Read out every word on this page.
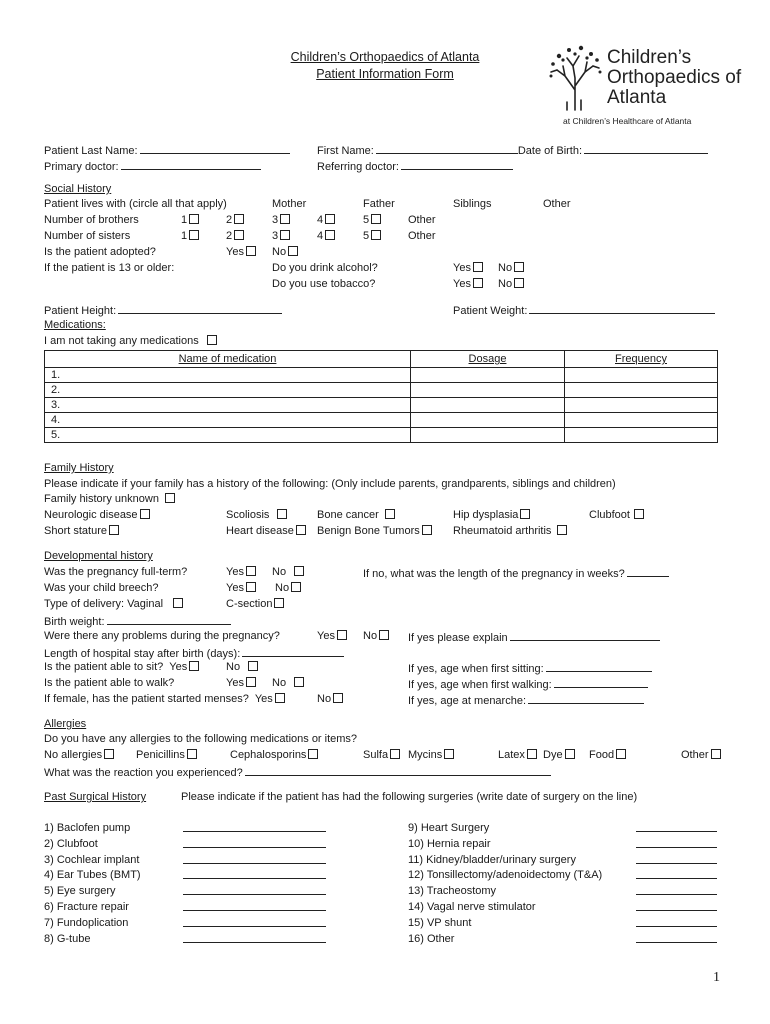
Children’s Orthopaedics of Atlanta
Patient Information Form
Children’s
Orthopaedics of
Atlanta
at Children’s Healthcare of Atlanta
Patient Last Name:	First Name:	Date of Birth:
Primary doctor:	Referring doctor:
Social History
Patient lives with (circle all that apply)	Mother	Father	Siblings	Other
Number of brothers	1	2	3	4	5	Other
Number of sisters	1	2	3	4	5	Other
Is the patient adopted?	Yes	No
If the patient is 13 or older:	Do you drink alcohol?	Yes	No
Do you use tobacco?	Yes	No
Patient Height:	Patient Weight:
Medications:
I am not taking any medications
Name of medication	Dosage	Frequency
1.		
2.		
3.		
4.		
5.		
Family History
Please indicate if your family has a history of the following: (Only include parents, grandparents, siblings and children)
Family history unknown
Neurologic disease	Scoliosis	Bone cancer	Hip dysplasia	Clubfoot
Short stature	Heart disease	Benign Bone Tumors	Rheumatoid arthritis
Developmental history
Was the pregnancy full-term?	Yes	No	If no, what was the length of the pregnancy in weeks?
Was your child breech?	Yes	No
Type of delivery: Vaginal	C-section
Birth weight:
Were there any problems during the pregnancy?	Yes	No	If yes please explain
Length of hospital stay after birth (days):
Is the patient able to sit? Yes	No	If yes, age when first sitting:
Is the patient able to walk?	Yes	No	If yes, age when first walking:
If female, has the patient started menses? Yes	No	If yes, age at menarche:
Allergies
Do you have any allergies to the following medications or items?
No allergies	Penicillins	Cephalosporins	Sulfa	Mycins	Latex	Dye	Food	Other
What was the reaction you experienced?
Past Surgical History	Please indicate if the patient has had the following surgeries (write date of surgery on the line)
1) Baclofen pump
2) Clubfoot
3) Cochlear implant
4) Ear Tubes (BMT)
5) Eye surgery
6) Fracture repair
7) Fundoplication
8) G-tube
9) Heart Surgery
10) Hernia repair
11) Kidney/bladder/urinary surgery
12) Tonsillectomy/adenoidectomy (T&A)
13) Tracheostomy
14) Vagal nerve stimulator
15) VP shunt
16) Other
1
